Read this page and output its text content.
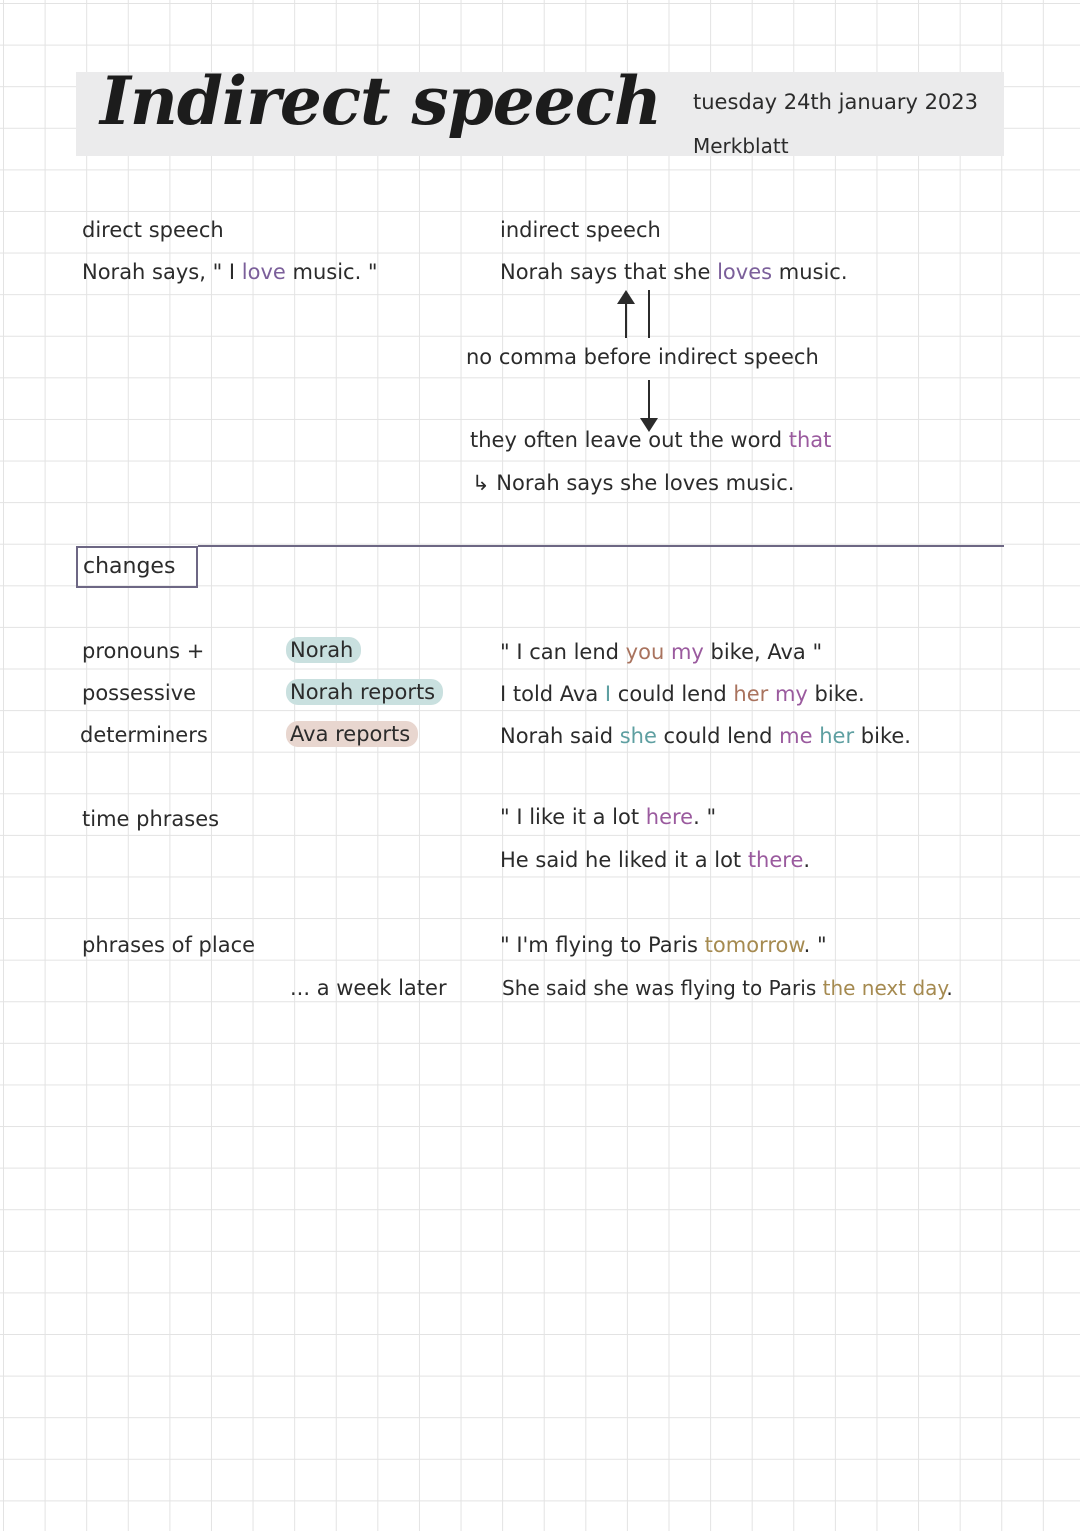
Indirect speech tuesday 24th january 2023
Merkblatt
direct speech
Norah says, " I love music. "
indirect speech
Norah says that she loves music.
no comma before indirect speech
they often leave out the word that
↳ Norah says she loves music.
changes
pronouns +
possessive
determiners
Norah
Norah reports
Ava reports
" I can lend you my bike, Ava "
I told Ava I could lend her my bike.
Norah said she could lend me her bike.
time phrases	" I like it a lot here. "
He said he liked it a lot there.
phrases of place
... a week later
" I'm flying to Paris tomorrow. "
She said she was flying to Paris the next day.
